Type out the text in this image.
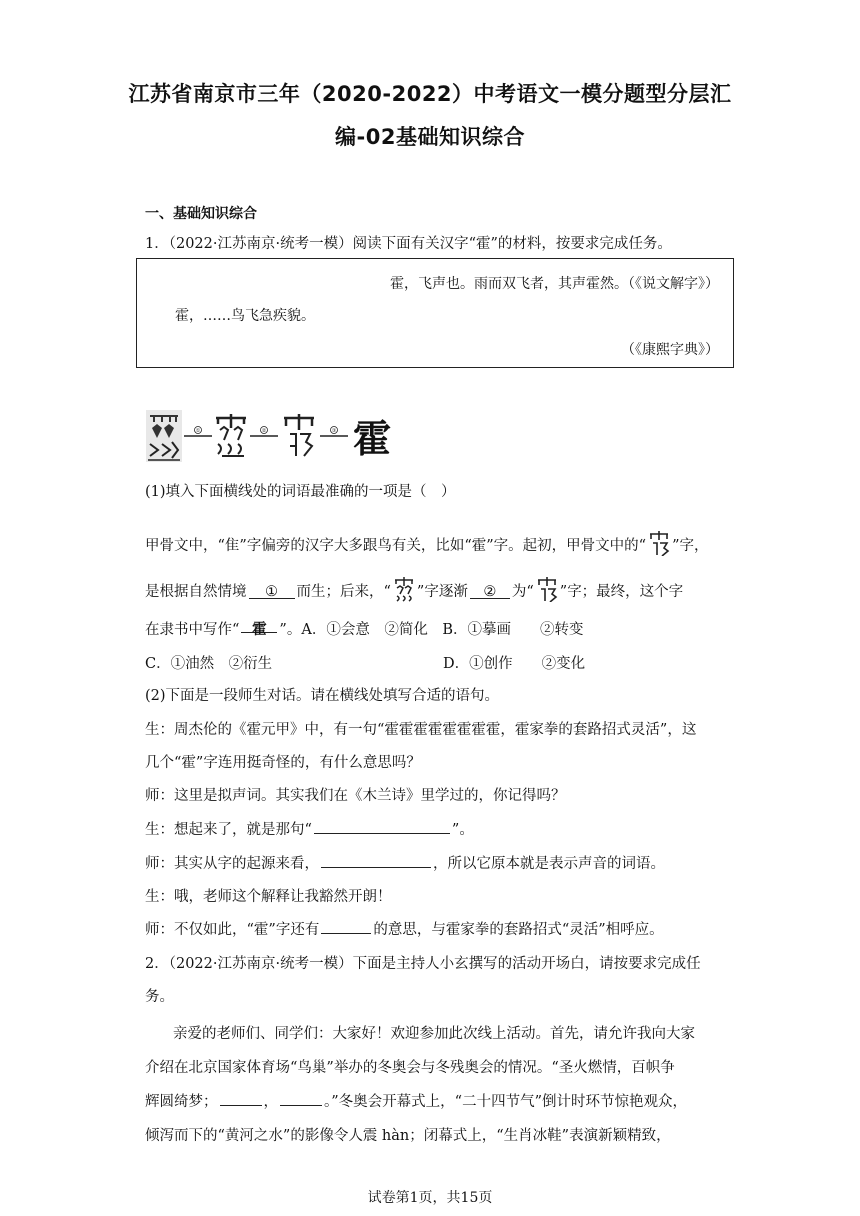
江苏省南京市三年（2020-2022）中考语文一模分题型分层汇
编-02基础知识综合
一、基础知识综合
1．（2022·江苏南京·统考一模）阅读下面有关汉字“霍”的材料，按要求完成任务。
霍，飞声也。雨而双飞者，其声霍然。（《说文解字》）
霍，……鸟飞急疾貌。
（《康熙字典》）
①	②	③ 霍
(1)填入下面横线处的词语最准确的一项是（　）
甲骨文中，“隹”字偏旁的汉字大多跟鸟有关，比如“霍”字。起初，甲骨文中的“ ”字，
是根据自然情境 ① 而生；后来，“ ”字逐渐 ② 为“ ”字；最终，这个字
在隶书中写作“ 霍 ”。A．①会意　②简化　B．①摹画　　②转变
C．①油然　②衍生	D．①创作　　②变化
(2)下面是一段师生对话。请在横线处填写合适的语句。
生：周杰伦的《霍元甲》中，有一句“霍霍霍霍霍霍霍霍，霍家拳的套路招式灵活”，这
几个“霍”字连用挺奇怪的，有什么意思吗？
师：这里是拟声词。其实我们在《木兰诗》里学过的，你记得吗？
生：想起来了，就是那句“	”。
师：其实从字的起源来看，	，所以它原本就是表示声音的词语。
生：哦，老师这个解释让我豁然开朗！
师：不仅如此，“霍”字还有	的意思，与霍家拳的套路招式“灵活”相呼应。
2．（2022·江苏南京·统考一模）下面是主持人小玄撰写的活动开场白，请按要求完成任
务。
亲爱的老师们、同学们：大家好！欢迎参加此次线上活动。首先，请允许我向大家
介绍在北京国家体育场“鸟巢”举办的冬奥会与冬残奥会的情况。“圣火燃情，百帜争
辉圆绮梦；	，	。”冬奥会开幕式上，“二十四节气”倒计时环节惊艳观众，
倾泻而下的“黄河之水”的影像令人震 hàn；闭幕式上，“生肖冰鞋”表演新颖精致，
试卷第1页，共15页
